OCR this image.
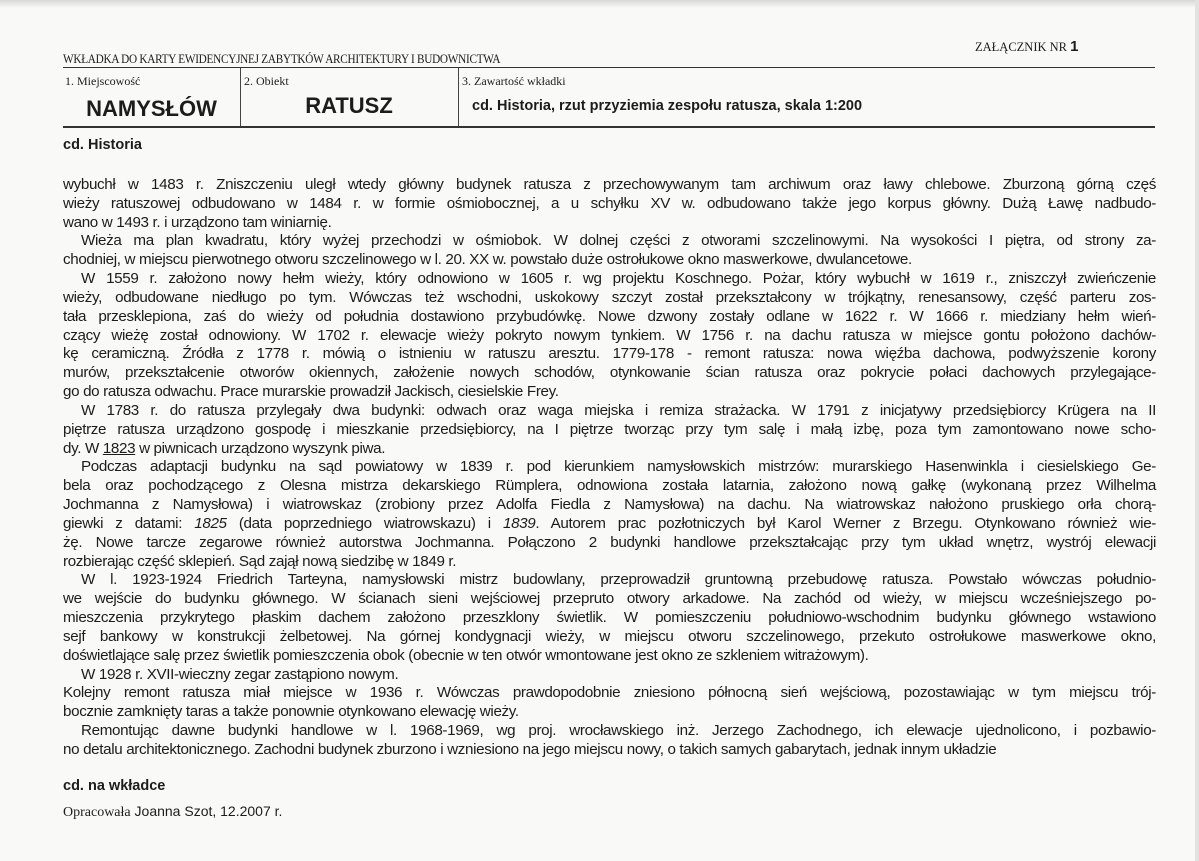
WKŁADKA DO KARTY EWIDENCYJNEJ ZABYTKÓW ARCHITEKTURY I BUDOWNICTWA
ZAŁĄCZNIK NR 1
1. Miejscowość	2. Obiekt	3. Zawartość wkładki
NAMYSŁÓW	RATUSZ	cd. Historia, rzut przyziemia zespołu ratusza, skala 1:200
cd. Historia
wybuchł w 1483 r. Zniszczeniu uległ wtedy główny budynek ratusza z przechowywanym tam archiwum oraz ławy chlebowe. Zburzoną górną częś
wieży ratuszowej odbudowano w 1484 r. w formie ośmiobocznej, a u schyłku XV w. odbudowano także jego korpus główny. Dużą Ławę nadbudo-
wano w 1493 r. i urządzono tam winiarnię.
Wieża ma plan kwadratu, który wyżej przechodzi w ośmiobok. W dolnej części z otworami szczelinowymi. Na wysokości I piętra, od strony za-
chodniej, w miejscu pierwotnego otworu szczelinowego w l. 20. XX w. powstało duże ostrołukowe okno maswerkowe, dwulancetowe.
W 1559 r. założono nowy hełm wieży, który odnowiono w 1605 r. wg projektu Koschnego. Pożar, który wybuchł w 1619 r., zniszczył zwieńczenie
wieży, odbudowane niedługo po tym. Wówczas też wschodni, uskokowy szczyt został przekształcony w trójkątny, renesansowy, część parteru zos-
tała przesklepiona, zaś do wieży od południa dostawiono przybudówkę. Nowe dzwony zostały odlane w 1622 r. W 1666 r. miedziany hełm wień-
czący wieżę został odnowiony. W 1702 r. elewacje wieży pokryto nowym tynkiem. W 1756 r. na dachu ratusza w miejsce gontu położono dachów-
kę ceramiczną. Źródła z 1778 r. mówią o istnieniu w ratuszu aresztu. 1779-178 - remont ratusza: nowa więźba dachowa, podwyższenie korony
murów, przekształcenie otworów okiennych, założenie nowych schodów, otynkowanie ścian ratusza oraz pokrycie połaci dachowych przylegające-
go do ratusza odwachu. Prace murarskie prowadził Jackisch, ciesielskie Frey.
W 1783 r. do ratusza przylegały dwa budynki: odwach oraz waga miejska i remiza strażacka. W 1791 z inicjatywy przedsiębiorcy Krügera na II
piętrze ratusza urządzono gospodę i mieszkanie przedsiębiorcy, na I piętrze tworząc przy tym salę i małą izbę, poza tym zamontowano nowe scho-
dy. W 1823 w piwnicach urządzono wyszynk piwa.
Podczas adaptacji budynku na sąd powiatowy w 1839 r. pod kierunkiem namysłowskich mistrzów: murarskiego Hasenwinkla i ciesielskiego Ge-
bela oraz pochodzącego z Olesna mistrza dekarskiego Rümplera, odnowiona została latarnia, założono nową gałkę (wykonaną przez Wilhelma
Jochmanna z Namysłowa) i wiatrowskaz (zrobiony przez Adolfa Fiedla z Namysłowa) na dachu. Na wiatrowskaz nałożono pruskiego orła chorą-
giewki z datami: 1825 (data poprzedniego wiatrowskazu) i 1839. Autorem prac pozłotniczych był Karol Werner z Brzegu. Otynkowano również wie-
żę. Nowe tarcze zegarowe również autorstwa Jochmanna. Połączono 2 budynki handlowe przekształcając przy tym układ wnętrz, wystrój elewacji
rozbierając część sklepień. Sąd zajął nową siedzibę w 1849 r.
W l. 1923-1924 Friedrich Tarteyna, namysłowski mistrz budowlany, przeprowadził gruntowną przebudowę ratusza. Powstało wówczas południo-
we wejście do budynku głównego. W ścianach sieni wejściowej przepruto otwory arkadowe. Na zachód od wieży, w miejscu wcześniejszego po-
mieszczenia przykrytego płaskim dachem założono przeszklony świetlik. W pomieszczeniu południowo-wschodnim budynku głównego wstawiono
sejf bankowy w konstrukcji żelbetowej. Na górnej kondygnacji wieży, w miejscu otworu szczelinowego, przekuto ostrołukowe maswerkowe okno,
doświetlające salę przez świetlik pomieszczenia obok (obecnie w ten otwór wmontowane jest okno ze szkleniem witrażowym).
W 1928 r. XVII-wieczny zegar zastąpiono nowym.
Kolejny remont ratusza miał miejsce w 1936 r. Wówczas prawdopodobnie zniesiono północną sień wejściową, pozostawiając w tym miejscu trój-
bocznie zamknięty taras a także ponownie otynkowano elewację wieży.
Remontując dawne budynki handlowe w l. 1968-1969, wg proj. wrocławskiego inż. Jerzego Zachodnego, ich elewacje ujednolicono, i pozbawio-
no detalu architektonicznego. Zachodni budynek zburzono i wzniesiono na jego miejscu nowy, o takich samych gabarytach, jednak innym układzie
cd. na wkładce
Opracowała Joanna Szot, 12.2007 r.
